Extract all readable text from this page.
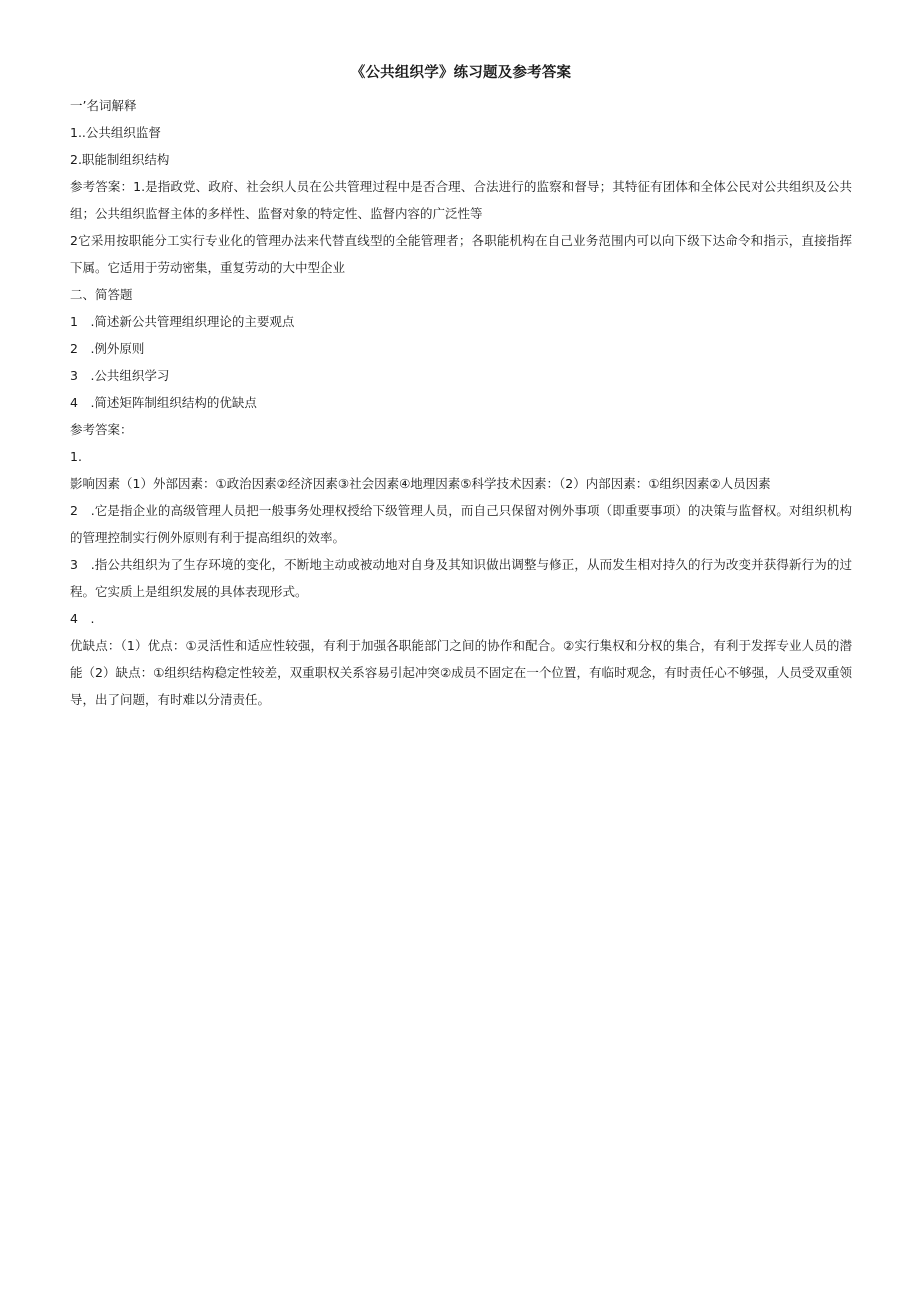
《公共组织学》练习题及参考答案

一’名词解释

1..公共组织监督

2.职能制组织结构

参考答案：1.是指政党、政府、社会织人员在公共管理过程中是否合理、合法进行的监察和督导；其特征有团体和全体公民对公共组织及公共组；公共组织监督主体的多样性、监督对象的特定性、监督内容的广泛性等

2它采用按职能分工实行专业化的管理办法来代替直线型的全能管理者；各职能机构在自己业务范围内可以向下级下达命令和指示，直接指挥下属。它适用于劳动密集，重复劳动的大中型企业

二、简答题

1　.简述新公共管理组织理论的主要观点

2　.例外原则

3　.公共组织学习

4　.简述矩阵制组织结构的优缺点

参考答案：

1.

影响因素（1）外部因素：①政治因素②经济因素③社会因素④地理因素⑤科学技术因素：（2）内部因素：①组织因素②人员因素

2　.它是指企业的高级管理人员把一般事务处理权授给下级管理人员，而自己只保留对例外事项（即重要事项）的决策与监督权。对组织机构的管理控制实行例外原则有利于提高组织的效率。

3　.指公共组织为了生存环境的变化，不断地主动或被动地对自身及其知识做出调整与修正，从而发生相对持久的行为改变并获得新行为的过程。它实质上是组织发展的具体表现形式。

4　.

优缺点：（1）优点：①灵活性和适应性较强，有利于加强各职能部门之间的协作和配合。②实行集权和分权的集合，有利于发挥专业人员的潜能（2）缺点：①组织结构稳定性较差，双重职权关系容易引起冲突②成员不固定在一个位置，有临时观念，有时责任心不够强，人员受双重领导，出了问题，有时难以分清责任。
